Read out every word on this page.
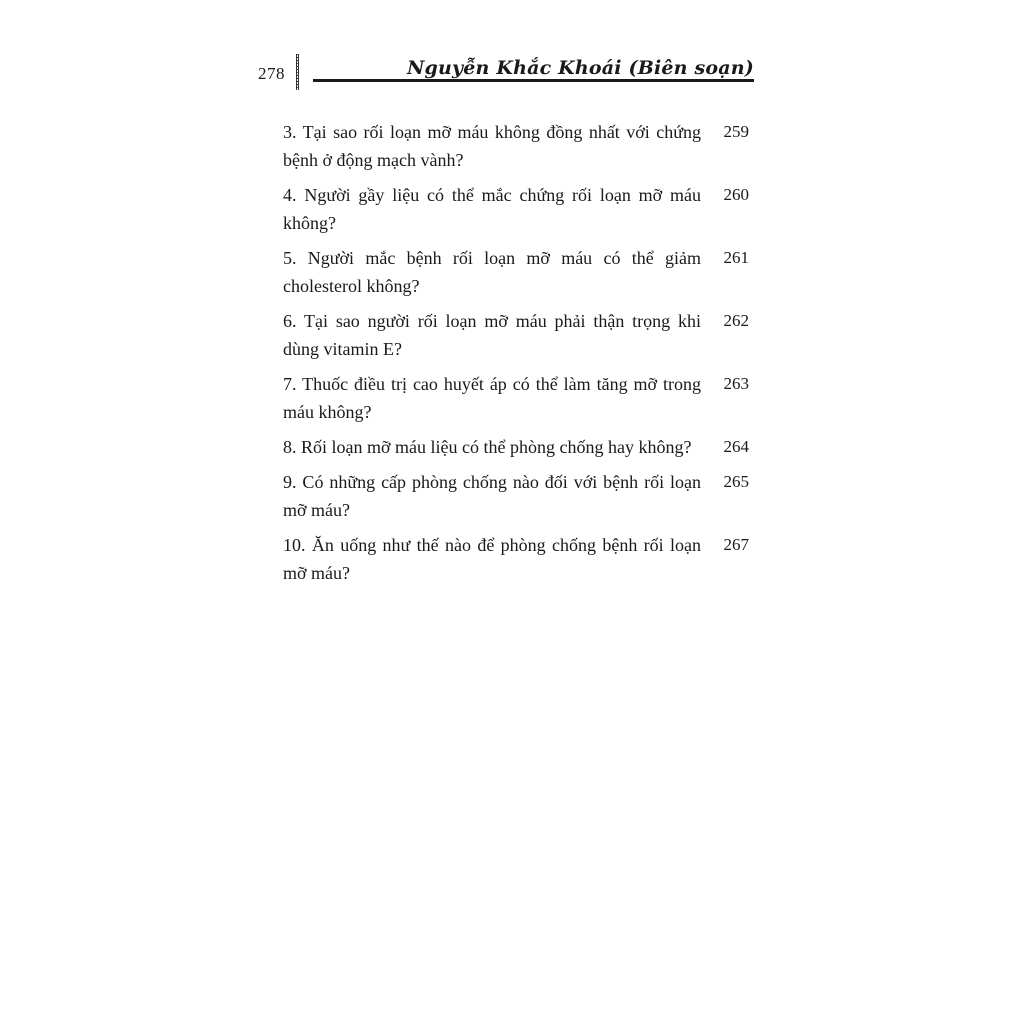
278	Nguyễn Khắc Khoái (Biên soạn)
3. Tại sao rối loạn mỡ máu không đồng nhất với chứng bệnh ở động mạch vành?
259
4. Người gầy liệu có thể mắc chứng rối loạn mỡ máu không?
260
5. Người mắc bệnh rối loạn mỡ máu có thể giảm cholesterol không?
261
6. Tại sao người rối loạn mỡ máu phải thận trọng khi dùng vitamin E?
262
7. Thuốc điều trị cao huyết áp có thể làm tăng mỡ trong máu không?
263
8. Rối loạn mỡ máu liệu có thể phòng chống hay không?	264
9. Có những cấp phòng chống nào đối với bệnh rối loạn mỡ máu?
265
10. Ăn uống như thế nào để phòng chống bệnh rối loạn mỡ máu?
267
